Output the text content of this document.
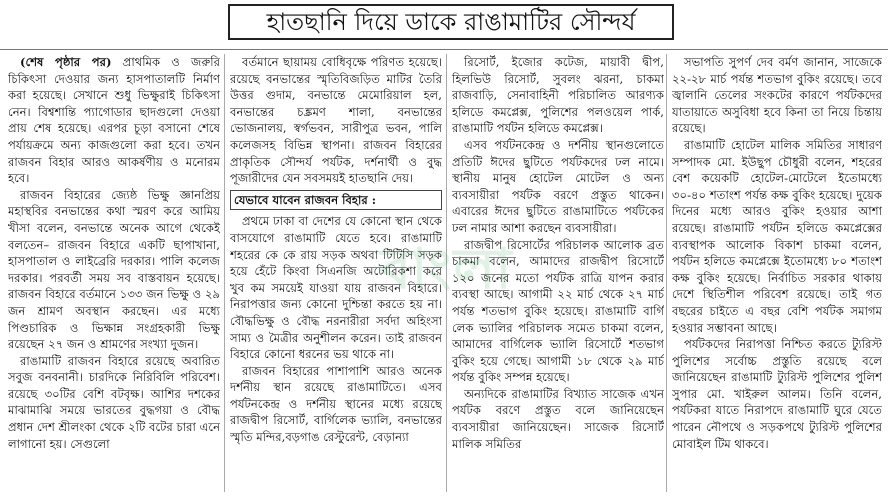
হাতছানি দিয়ে ডাকে রাঙামাটির সৌন্দর্য

(শেষ পৃষ্ঠার পর) প্রাথমিক ও জরুরি চিকিৎসা দেওয়ার জন্য হাসপাতালটি নির্মাণ করা হয়েছে। সেখানে শুধু ভিক্ষুরাই চিকিৎসা নেন। বিশ্বশান্তি প্যাগোডার ছাদগুলো দেওয়া প্রায় শেষ হয়েছে। এরপর চূড়া বসানো শেষে পর্যায়ক্রমে অন্য কাজগুলো করা হবে। তখন রাজবন বিহার আরও আকর্ষণীয় ও মনোরম হবে।

রাজবন বিহারের জ্যেষ্ঠ ভিক্ষু জ্ঞানপ্রিয় মহাস্থবির বনভান্তের কথা স্মরণ করে আমিয় খীসা বলেন, বনভান্তে অনেক আগে থেকেই বলতেন– রাজবন বিহারে একটি ছাপাখানা, হাসপাতাল ও লাইব্রেরি দরকার। পালি কলেজ দরকার। পরবর্তী সময় সব বাস্তবায়ন হয়েছে। রাজবন বিহারে বর্তমানে ১৩৩ জন ভিক্ষু ও ২৯ জন শ্রামণ অবস্থান করছেন। এর মধ্যে পিণ্ডচারিক ও ভিক্ষান্ন সংগ্রহকারী ভিক্ষু রয়েছেন ২৭ জন ও শ্রামণের সংখ্যা দুজন।

রাঙামাটি রাজবন বিহারে রয়েছে অবারিত সবুজ বনবনানী। চারদিকে নিরিবিলি পরিবেশ। রয়েছে ৩০টির বেশি বটবৃক্ষ। আশির দশকের মাঝামাঝি সময়ে ভারতের বুদ্ধগয়া ও বৌদ্ধ প্রধান দেশ শ্রীলংকা থেকে ২টি বটের চারা এনে লাগানো হয়। সেগুলো

বর্তমানে ছায়াময় বোধিবৃক্ষে পরিণত হয়েছে। রয়েছে বনভান্তের স্মৃতিবিজড়িত মাটির তৈরি উত্তর গুদাম, বনভান্তে মেমোরিয়াল হল, বনভান্তের চঙ্ক্রমণ শালা, বনভান্তের ভোজনালয়, স্বর্গভবন, সারীপুত্র ভবন, পালি কলেজসহ বিভিন্ন স্থাপনা। রাজবন বিহারের প্রাকৃতিক সৌন্দর্য পর্যটক, দর্শনার্থী ও বুদ্ধ পূজারীদের যেন সবসময়ই হাতছানি দেয়।

যেভাবে যাবেন রাজবন বিহার :

প্রথমে ঢাকা বা দেশের যে কোনো স্থান থেকে বাসযোগে রাঙামাটি যেতে হবে। রাঙামাটি শহরের কে কে রায় সড়ক অথবা টিটিসি সড়ক হয়ে হেঁটে কিংবা সিএনজি অটোরিকশা করে খুব কম সময়েই যাওয়া যায় রাজবন বিহারে। নিরাপত্তার জন্য কোনো দুশ্চিন্তা করতে হয় না। বৌদ্ধভিক্ষু ও বৌদ্ধ নরনারীরা সর্বদা অহিংসা সাম্য ও মৈত্রীর অনুশীলন করেন। তাই রাজবন বিহারে কোনো ধরনের ভয় থাকে না।

রাজবন বিহারের পাশাপাশি আরও অনেক দর্শনীয় স্থান রয়েছে রাঙামাটিতে। এসব পর্যটনকেন্দ্র ও দর্শনীয় স্থানের মধ্যে রয়েছে রাজদ্বীপ রিসোর্ট, বার্গিলেক ভ্যালি, বনভান্তের স্মৃতি মন্দির,বড়গাঙ রেস্টুরেন্ট, বেড়ান্যা

রিসোর্ট, ইজোর কটেজ, মায়াবী দ্বীপ, হিলভিউ রিসোর্ট, সুবলং ঝরনা, চাকমা রাজবাড়ি, সেনাবাহিনী পরিচালিত আরণ্যক হলিডে কমপ্লেক্স, পুলিশের পলওয়েল পার্ক, রাঙামাটি পর্যটন হলিডে কমপ্লেক্স।

এসব পর্যটনকেন্দ্র ও দর্শনীয় স্থানগুলোতে প্রতিটি ঈদের ছুটিতে পর্যটকদের ঢল নামে। স্থানীয় মানুষ হোটেল মোটেল ও অন্য ব্যবসায়ীরা পর্যটক বরণে প্রস্তুত থাকেন। এবারের ঈদের ছুটিতে রাঙামাটিতে পর্যটকের ঢল নামার আশা করছেন ব্যবসায়ীরা।

রাজদ্বীপ রিসোর্টের পরিচালক আলোক ব্রত চাকমা বলেন, আমাদের রাজদ্বীপ রিসোর্টে ১২০ জনের মতো পর্যটক রাত্রি যাপন করার ব্যবস্থা আছে। আগামী ২২ মার্চ থেকে ২৭ মার্চ পর্যন্ত শতভাগ বুকিং হয়েছে। রাঙামাটি বার্গি লেক ভ্যালির পরিচালক সমেত চাকমা বলেন, আমাদের বার্গিলেক ভ্যালি রিসোর্টে শতভাগ বুকিং হয়ে গেছে। আগামী ১৮ থেকে ২৯ মার্চ পর্যন্ত বুকিং সম্পন্ন হয়েছে।

অন্যদিকে রাঙামাটির বিখ্যাত সাজেক এখন পর্যটক বরণে প্রস্তুত বলে জানিয়েছেন ব্যবসায়ীরা জানিয়েছেন। সাজেক রিসোর্ট মালিক সমিতির

সভাপতি সুপর্ণ দেব বর্মণ জানান, সাজেকে ২২-২৮ মার্চ পর্যন্ত শতভাগ বুকিং রয়েছে। তবে জ্বালানি তেলের সংকটের কারণে পর্যটকদের যাতায়াতে অসুবিধা হবে কিনা তা নিয়ে চিন্তায় রয়েছে।

রাঙামাটি হোটেল মালিক সমিতির সাধারণ সম্পাদক মো. ইউছুপ চৌধুরী বলেন, শহরের বেশ কয়েকটি হোটেল-মোটেলে ইতোমধ্যে ৩০-৪০ শতাংশ পর্যন্ত কক্ষ বুকিং হয়েছে। দুয়েক দিনের মধ্যে আরও বুকিং হওয়ার আশা রয়েছে। রাঙামাটি পর্যটন হলিডে কমপ্লেক্সের ব্যবস্থাপক আলোক বিকাশ চাকমা বলেন, পর্যটন হলিডে কমপ্লেক্সে ইতোমধ্যে ৮০ শতাংশ কক্ষ বুকিং হয়েছে। নির্বাচিত সরকার থাকায় দেশে স্থিতিশীল পরিবেশ রয়েছে। তাই গত বছরের চাইতে এ বছর বেশি পর্যটক সমাগম হওয়ার সম্ভাবনা আছে।

পর্যটকদের নিরাপত্তা নিশ্চিত করতে ট্যুরিস্ট পুলিশের সর্বোচ্চ প্রস্তুতি রয়েছে বলে জানিয়েছেন রাঙামাটি ট্যুরিস্ট পুলিশের পুলিশ সুপার মো. খাইরুল আলম। তিনি বলেন, পর্যটকরা যাতে নিরাপদে রাঙামাটি ঘুরে যেতে পারেন নৌপথে ও সড়কপথে ট্যুরিস্ট পুলিশের মোবাইল টিম থাকবে।

বাংলা
